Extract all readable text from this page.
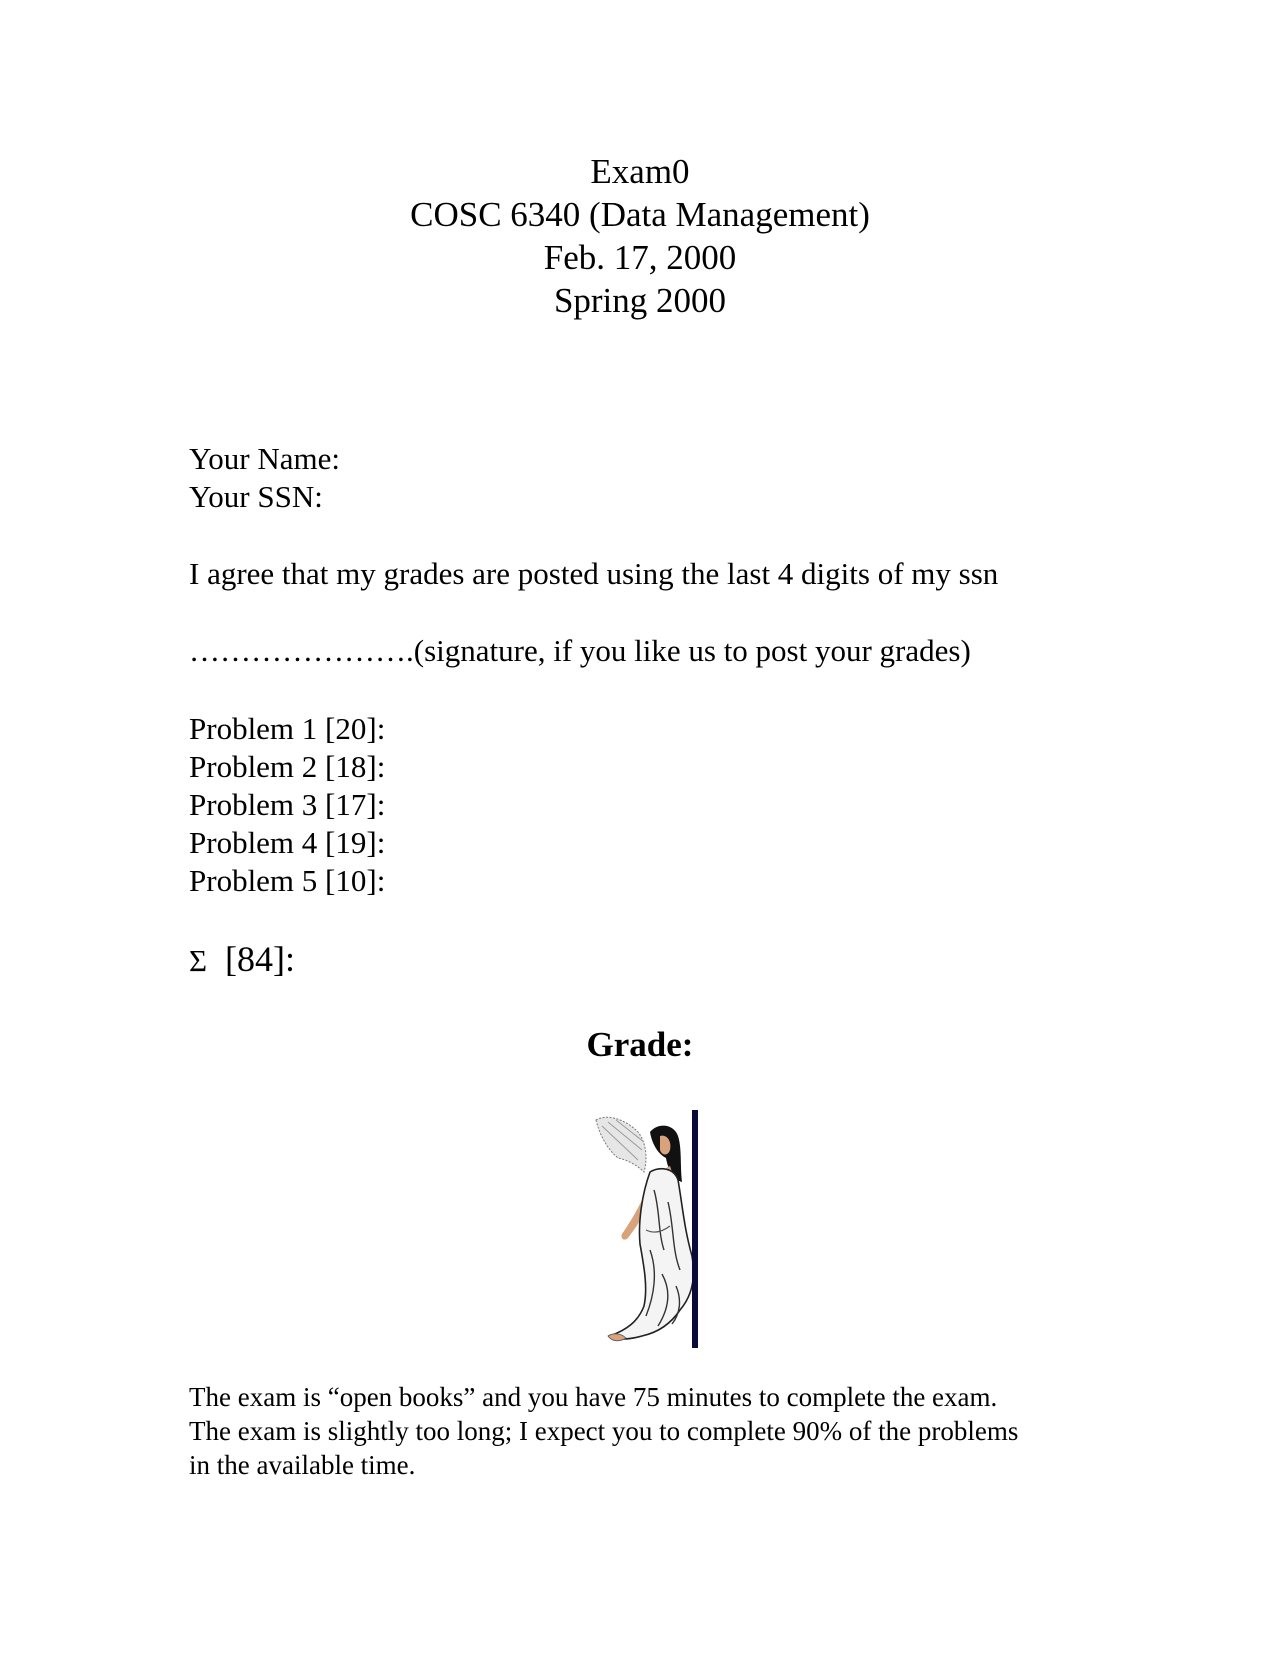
Exam0
COSC 6340 (Data Management)
Feb. 17, 2000
Spring 2000
Your Name:
Your SSN:
I agree that my grades are posted using the last 4 digits of my ssn
………………….(signature, if you like us to post your grades)
Problem 1 [20]:
Problem 2 [18]:
Problem 3 [17]:
Problem 4 [19]:
Problem 5 [10]:
Σ [84]:
Grade:
The exam is “open books” and you have 75 minutes to complete the exam.
The exam is slightly too long; I expect you to complete 90% of the problems
in the available time.
